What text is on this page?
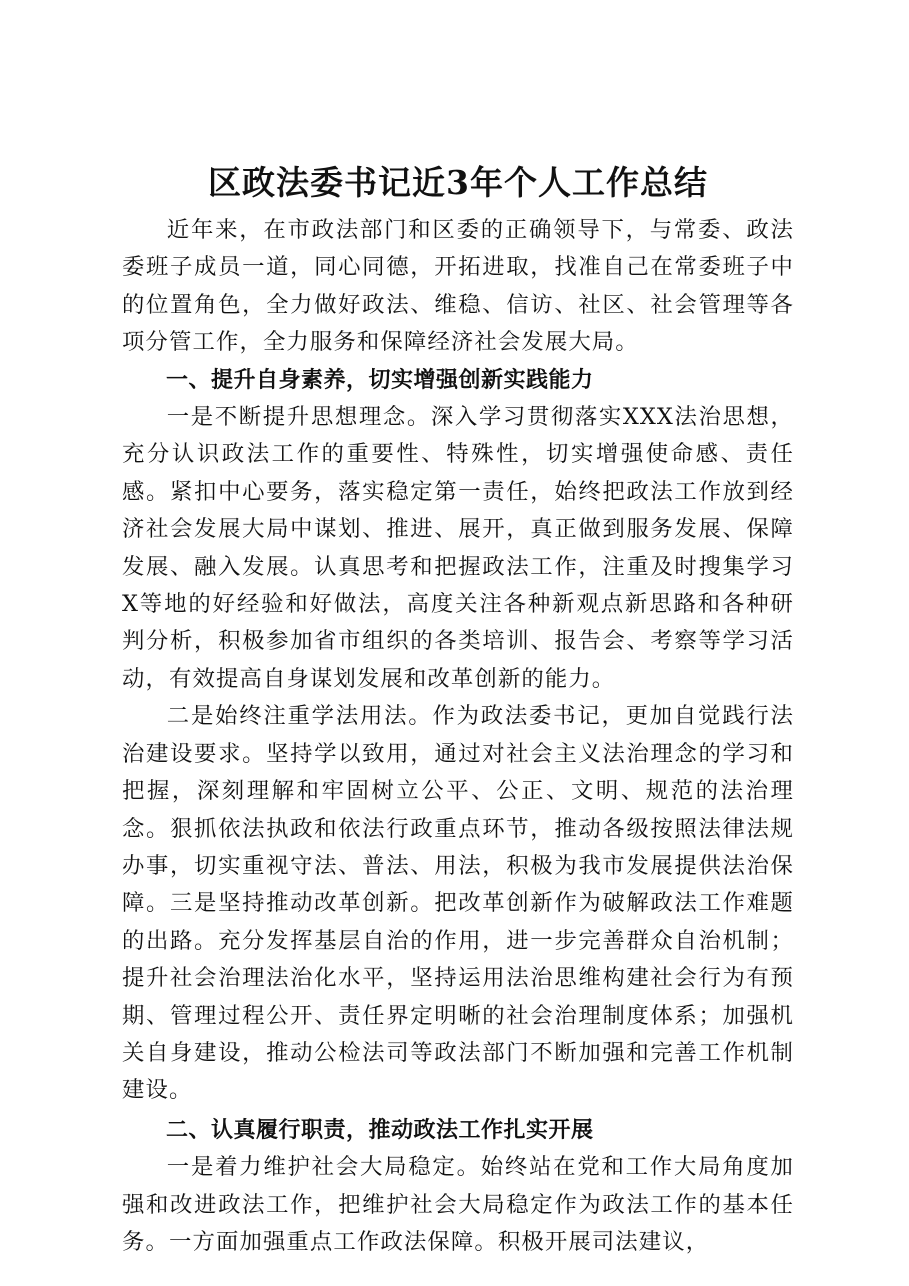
区政法委书记近3年个人工作总结

近年来，在市政法部门和区委的正确领导下，与常委、政法委班子成员一道，同心同德，开拓进取，找准自己在常委班子中的位置角色，全力做好政法、维稳、信访、社区、社会管理等各项分管工作，全力服务和保障经济社会发展大局。

一、提升自身素养，切实增强创新实践能力

一是不断提升思想理念。深入学习贯彻落实XXX法治思想，充分认识政法工作的重要性、特殊性，切实增强使命感、责任感。紧扣中心要务，落实稳定第一责任，始终把政法工作放到经济社会发展大局中谋划、推进、展开，真正做到服务发展、保障发展、融入发展。认真思考和把握政法工作，注重及时搜集学习X等地的好经验和好做法，高度关注各种新观点新思路和各种研判分析，积极参加省市组织的各类培训、报告会、考察等学习活动，有效提高自身谋划发展和改革创新的能力。

二是始终注重学法用法。作为政法委书记，更加自觉践行法治建设要求。坚持学以致用，通过对社会主义法治理念的学习和把握，深刻理解和牢固树立公平、公正、文明、规范的法治理念。狠抓依法执政和依法行政重点环节，推动各级按照法律法规办事，切实重视守法、普法、用法，积极为我市发展提供法治保障。三是坚持推动改革创新。把改革创新作为破解政法工作难题的出路。充分发挥基层自治的作用，进一步完善群众自治机制；提升社会治理法治化水平，坚持运用法治思维构建社会行为有预期、管理过程公开、责任界定明晰的社会治理制度体系；加强机关自身建设，推动公检法司等政法部门不断加强和完善工作机制建设。

二、认真履行职责，推动政法工作扎实开展

一是着力维护社会大局稳定。始终站在党和工作大局角度加强和改进政法工作，把维护社会大局稳定作为政法工作的基本任务。一方面加强重点工作政法保障。积极开展司法建议，
